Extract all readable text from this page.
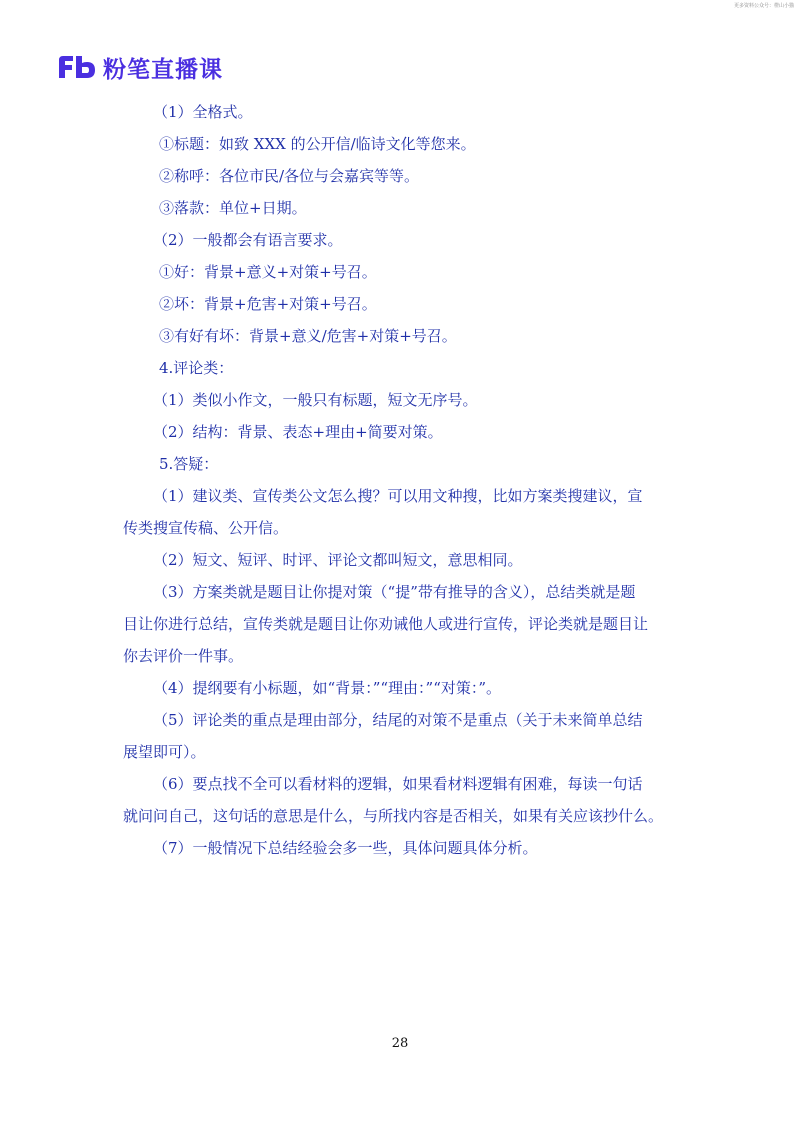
更多资料公众号：橙山小猫
粉笔直播课
（1）全格式。
①标题：如致 XXX 的公开信/临诗文化等您来。
②称呼：各位市民/各位与会嘉宾等等。
③落款：单位+日期。
（2）一般都会有语言要求。
①好：背景+意义+对策+号召。
②坏：背景+危害+对策+号召。
③有好有坏：背景+意义/危害+对策+号召。
4.评论类：
（1）类似小作文，一般只有标题，短文无序号。
（2）结构：背景、表态+理由+简要对策。
5.答疑：
（1）建议类、宣传类公文怎么搜？可以用文种搜，比如方案类搜建议，宣
传类搜宣传稿、公开信。
（2）短文、短评、时评、评论文都叫短文，意思相同。
（3）方案类就是题目让你提对策（“提”带有推导的含义），总结类就是题
目让你进行总结，宣传类就是题目让你劝诫他人或进行宣传，评论类就是题目让
你去评价一件事。
（4）提纲要有小标题，如“背景：”“理由：”“对策：”。
（5）评论类的重点是理由部分，结尾的对策不是重点（关于未来简单总结
展望即可）。
（6）要点找不全可以看材料的逻辑，如果看材料逻辑有困难，每读一句话
就问问自己，这句话的意思是什么，与所找内容是否相关，如果有关应该抄什么。
（7）一般情况下总结经验会多一些，具体问题具体分析。
28
